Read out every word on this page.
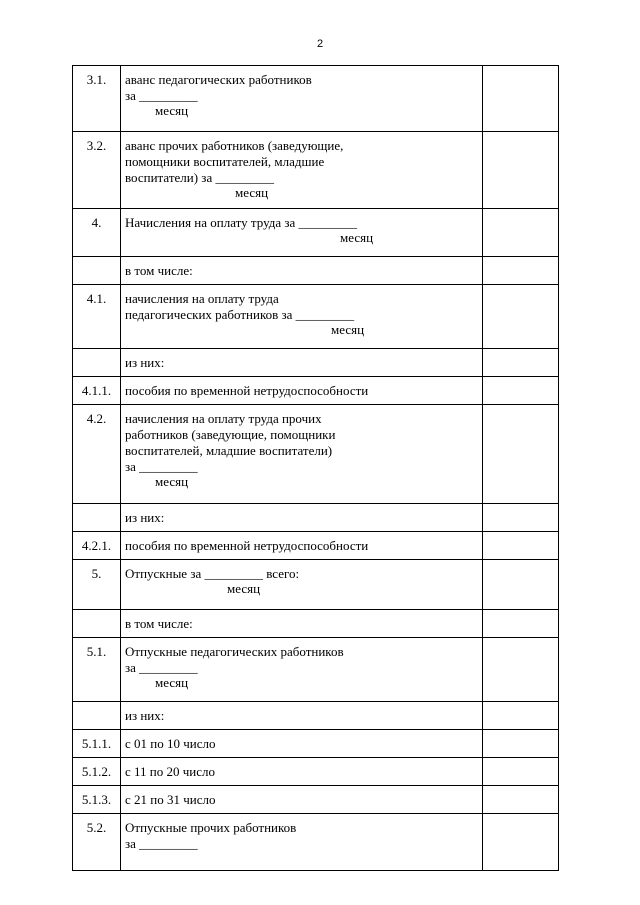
2
3.1.	аванс педагогических работников
за _________
месяц	

3.2.	аванс прочих работников (заведующие,
помощники воспитателей, младшие
воспитатели) за _________
месяц	

4.	Начисления на оплату труда за _________
месяц	

	в том числе:	

4.1.	начисления на оплату труда
педагогических работников за _________
месяц	

	из них:	

4.1.1.	пособия по временной нетрудоспособности	

4.2.	начисления на оплату труда прочих
работников (заведующие, помощники
воспитателей, младшие воспитатели)
за _________
месяц	

	из них:	

4.2.1.	пособия по временной нетрудоспособности	

5.	Отпускные за _________ всего:
месяц	

	в том числе:	

5.1.	Отпускные педагогических работников
за _________
месяц	

	из них:	

5.1.1.	с 01 по 10 число	

5.1.2.	с 11 по 20 число	

5.1.3.	с 21 по 31 число	

5.2.	Отпускные прочих работников
за _________	
